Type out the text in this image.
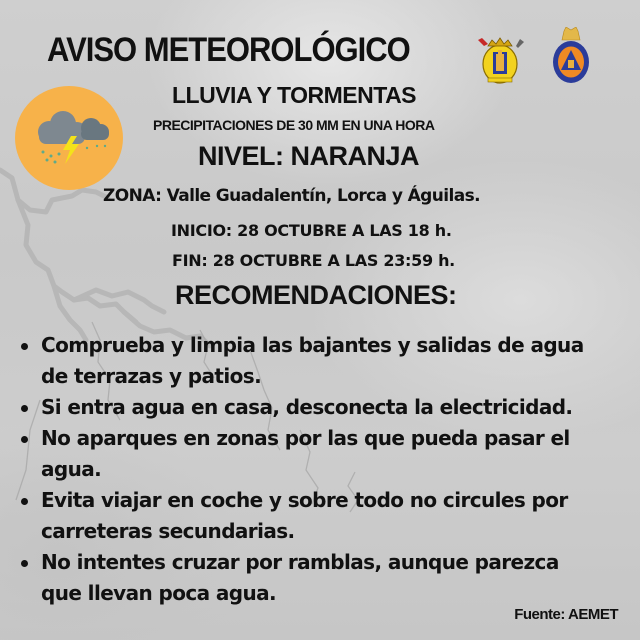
AVISO METEOROLÓGICO
LLUVIA Y TORMENTAS
PRECIPITACIONES DE 30 MM EN UNA HORA
NIVEL: NARANJA
ZONA: Valle Guadalentín, Lorca y Águilas.
INICIO: 28 OCTUBRE A LAS 18 h.
FIN: 28 OCTUBRE A LAS 23:59 h.
RECOMENDACIONES:
Comprueba y limpia las bajantes y salidas de agua
de terrazas y patios.
Si entra agua en casa, desconecta la electricidad.
No aparques en zonas por las que pueda pasar el
agua.
Evita viajar en coche y sobre todo no circules por
carreteras secundarias.
No intentes cruzar por ramblas, aunque parezca
que llevan poca agua.
Fuente: AEMET
